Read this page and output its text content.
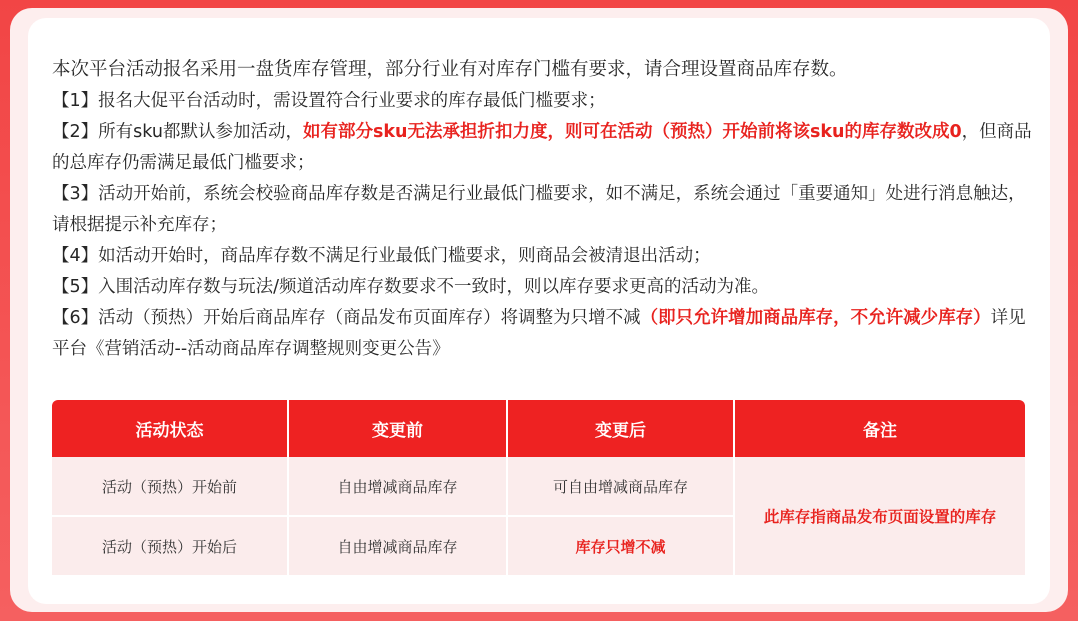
本次平台活动报名采用一盘货库存管理，部分行业有对库存门槛有要求，请合理设置商品库存数。
【1】报名大促平台活动时，需设置符合行业要求的库存最低门槛要求；
【2】所有sku都默认参加活动，如有部分sku无法承担折扣力度，则可在活动（预热）开始前将该sku的库存数改成0，但商品的总库存仍需满足最低门槛要求；
【3】活动开始前，系统会校验商品库存数是否满足行业最低门槛要求，如不满足，系统会通过「重要通知」处进行消息触达，请根据提示补充库存；
【4】如活动开始时，商品库存数不满足行业最低门槛要求，则商品会被清退出活动；
【5】入围活动库存数与玩法/频道活动库存数要求不一致时，则以库存要求更高的活动为准。
【6】活动（预热）开始后商品库存（商品发布页面库存）将调整为只增不减（即只允许增加商品库存，不允许减少库存）详见平台《营销活动--活动商品库存调整规则变更公告》
活动状态	变更前	变更后	备注
活动（预热）开始前	自由增减商品库存	可自由增减商品库存	此库存指商品发布页面设置的库存
活动（预热）开始后	自由增减商品库存	库存只增不减	
